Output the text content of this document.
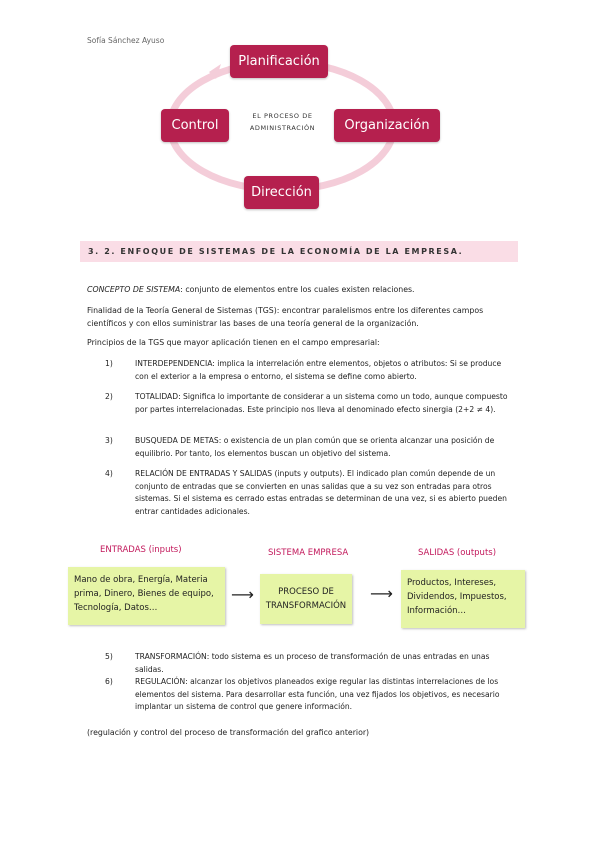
Sofía Sánchez Ayuso
Planificación
Organización
Dirección
Control
EL PROCESO DE
ADMINISTRACIÓN
3. 2. ENFOQUE DE SISTEMAS DE LA ECONOMÍA DE LA EMPRESA.
CONCEPTO DE SISTEMA: conjunto de elementos entre los cuales existen relaciones.
Finalidad de la Teoría General de Sistemas (TGS): encontrar paralelismos entre los diferentes campos científicos y con ellos suministrar las bases de una teoría general de la organización.
Principios de la TGS que mayor aplicación tienen en el campo empresarial:
1)	INTERDEPENDENCIA: implica la interrelación entre elementos, objetos o atributos: Si se produce con el exterior a la empresa o entorno, el sistema se define como abierto.
2)	TOTALIDAD: Significa lo importante de considerar a un sistema como un todo, aunque compuesto por partes interrelacionadas. Este principio nos lleva al denominado efecto sinergia (2+2 ≠ 4).
3)	BUSQUEDA DE METAS: o existencia de un plan común que se orienta alcanzar una posición de equilibrio. Por tanto, los elementos buscan un objetivo del sistema.
4)	RELACIÓN DE ENTRADAS Y SALIDAS (inputs y outputs). El indicado plan común depende de un conjunto de entradas que se convierten en unas salidas que a su vez son entradas para otros sistemas. Si el sistema es cerrado estas entradas se determinan de una vez, si es abierto pueden entrar cantidades adicionales.
ENTRADAS (inputs)	SISTEMA EMPRESA	SALIDAS (outputs)
Mano de obra, Energía, Materia prima, Dinero, Bienes de equipo, Tecnología, Datos…
⟶	PROCESO DE TRANSFORMACIÓN
⟶
Productos, Intereses, Dividendos, Impuestos, Información…
5)	TRANSFORMACIÓN: todo sistema es un proceso de transformación de unas entradas en unas salidas.
6)	REGULACIÓN: alcanzar los objetivos planeados exige regular las distintas interrelaciones de los elementos del sistema. Para desarrollar esta función, una vez fijados los objetivos, es necesario implantar un sistema de control que genere información.
(regulación y control del proceso de transformación del grafico anterior)
